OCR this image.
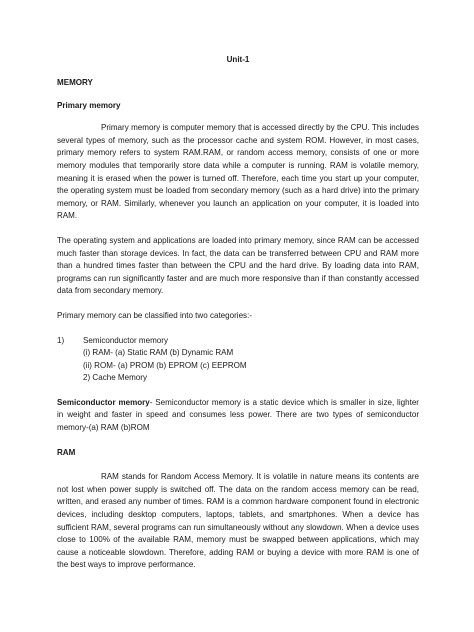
Unit-1
MEMORY
Primary memory

Primary memory is computer memory that is accessed directly by the CPU. This includes several types of memory, such as the processor cache and system ROM. However, in most cases, primary memory refers to system RAM.RAM, or random access memory, consists of one or more memory modules that temporarily store data while a computer is running. RAM is volatile memory, meaning it is erased when the power is turned off. Therefore, each time you start up your computer, the operating system must be loaded from secondary memory (such as a hard drive) into the primary memory, or RAM. Similarly, whenever you launch an application on your computer, it is loaded into RAM.

The operating system and applications are loaded into primary memory, since RAM can be accessed much faster than storage devices. In fact, the data can be transferred between CPU and RAM more than a hundred times faster than between the CPU and the hard drive. By loading data into RAM, programs can run significantly faster and are much more responsive than if than constantly accessed data from secondary memory.

Primary memory can be classified into two categories:-

1)	Semiconductor memory
(i) RAM- (a) Static RAM (b) Dynamic RAM
(ii) ROM- (a) PROM (b) EPROM (c) EEPROM
2) Cache Memory

Semiconductor memory- Semiconductor memory is a static device which is smaller in size, lighter in weight and faster in speed and consumes less power. There are two types of semiconductor memory-(a) RAM (b)ROM

RAM

RAM stands for Random Access Memory. It is volatile in nature means its contents are not lost when power supply is switched off. The data on the random access memory can be read, written, and erased any number of times. RAM is a common hardware component found in electronic devices, including desktop computers, laptops, tablets, and smartphones. When a device has sufficient RAM, several programs can run simultaneously without any slowdown. When a device uses close to 100% of the available RAM, memory must be swapped between applications, which may cause a noticeable slowdown. Therefore, adding RAM or buying a device with more RAM is one of the best ways to improve performance.
